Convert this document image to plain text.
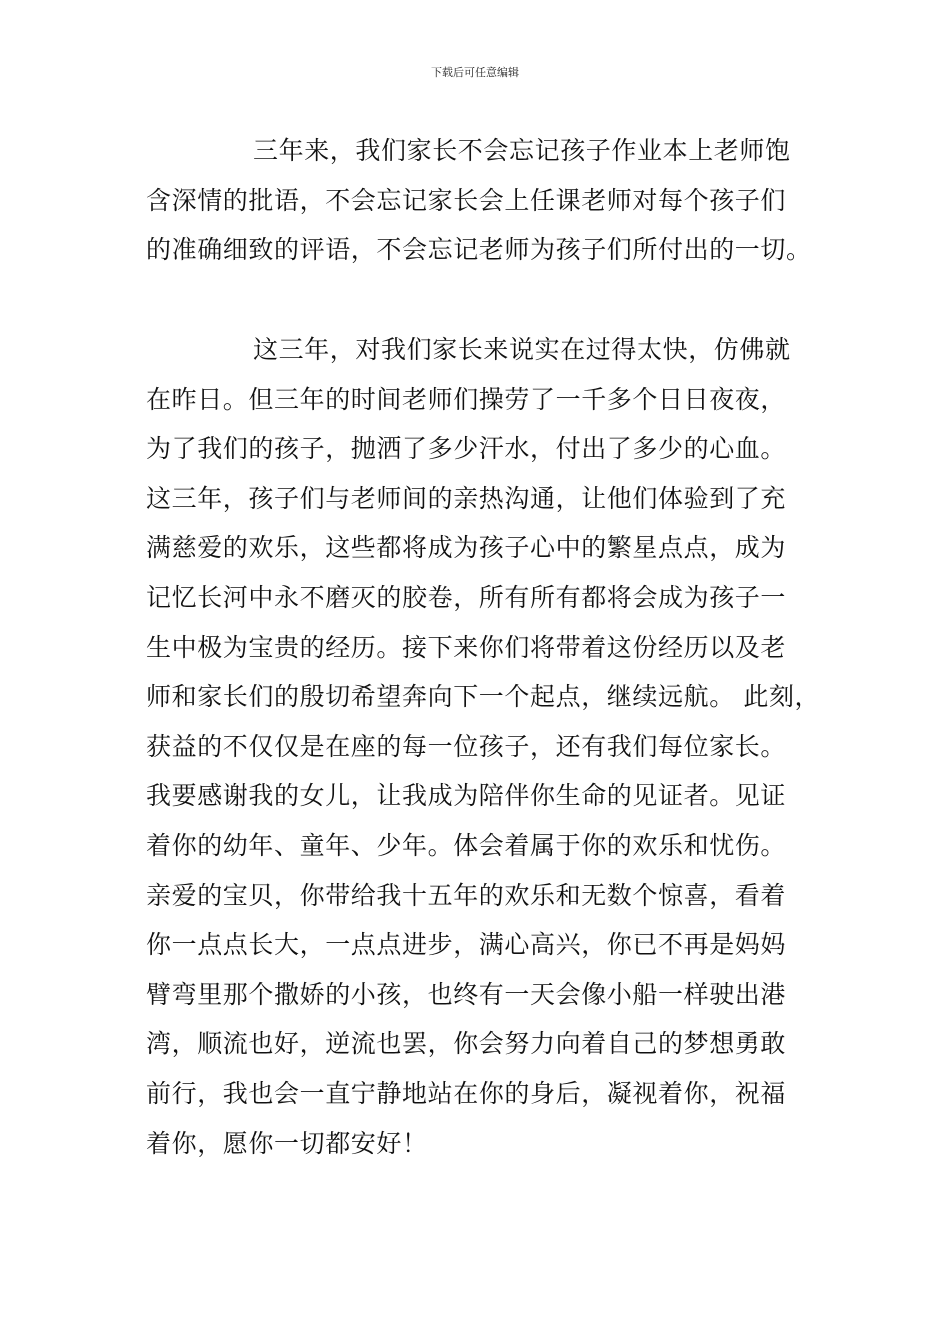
下载后可任意编辑
三年来，我们家长不会忘记孩子作业本上老师饱
含深情的批语，不会忘记家长会上任课老师对每个孩子们
的准确细致的评语，不会忘记老师为孩子们所付出的一切。
这三年，对我们家长来说实在过得太快，仿佛就
在昨日。但三年的时间老师们操劳了一千多个日日夜夜，
为了我们的孩子，抛洒了多少汗水，付出了多少的心血。
这三年，孩子们与老师间的亲热沟通，让他们体验到了充
满慈爱的欢乐，这些都将成为孩子心中的繁星点点，成为
记忆长河中永不磨灭的胶卷，所有所有都将会成为孩子一
生中极为宝贵的经历。接下来你们将带着这份经历以及老
师和家长们的殷切希望奔向下一个起点，继续远航。 此刻，
获益的不仅仅是在座的每一位孩子，还有我们每位家长。
我要感谢我的女儿，让我成为陪伴你生命的见证者。见证
着你的幼年、童年、少年。体会着属于你的欢乐和忧伤。
亲爱的宝贝，你带给我十五年的欢乐和无数个惊喜，看着
你一点点长大，一点点进步，满心高兴，你已不再是妈妈
臂弯里那个撒娇的小孩，也终有一天会像小船一样驶出港
湾，顺流也好，逆流也罢，你会努力向着自己的梦想勇敢
前行，我也会一直宁静地站在你的身后，凝视着你，祝福
着你，愿你一切都安好！
